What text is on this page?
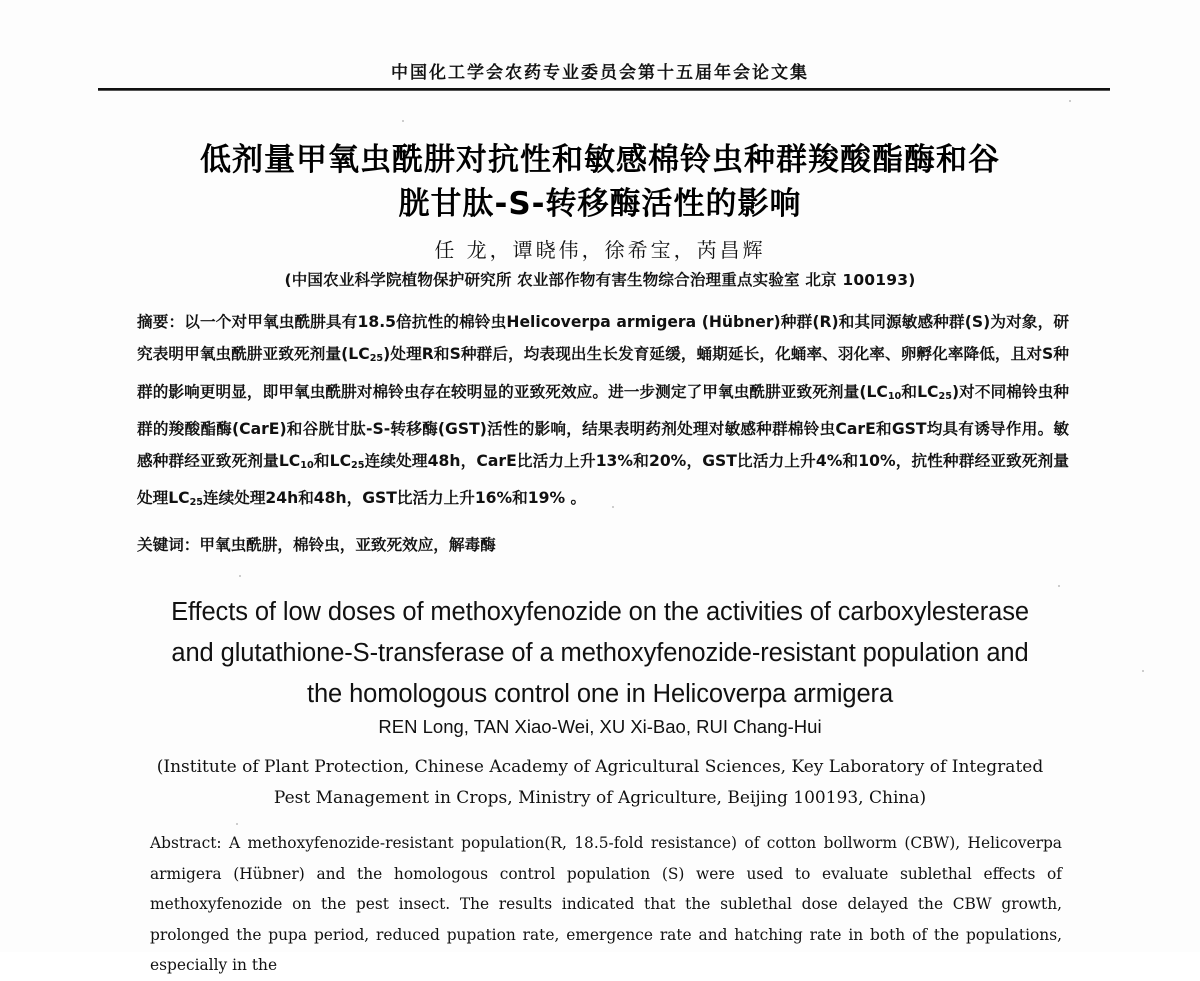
中国化工学会农药专业委员会第十五届年会论文集
低剂量甲氧虫酰肼对抗性和敏感棉铃虫种群羧酸酯酶和谷
胱甘肽-S-转移酶活性的影响
任 龙，谭晓伟，徐希宝，芮昌辉
(中国农业科学院植物保护研究所 农业部作物有害生物综合治理重点实验室 北京 100193)

摘要：以一个对甲氧虫酰肼具有18.5倍抗性的棉铃虫Helicoverpa armigera (Hübner)种群(R)和其同源敏感种群(S)为对象，研究表明甲氧虫酰肼亚致死剂量$(LC_{25})$处理R和S种群后，均表现出生长发育延缓，蛹期延长，化蛹率、羽化率、卵孵化率降低，且对S种群的影响更明显，即甲氧虫酰肼对棉铃虫存在较明显的亚致死效应。进一步测定了甲氧虫酰肼亚致死剂量($LC_{10}$和$LC_{25}$)对不同棉铃虫种群的羧酸酯酶(CarE)和谷胱甘肽-S-转移酶(GST)活性的影响，结果表明药剂处理对敏感种群棉铃虫CarE和GST均具有诱导作用。敏感种群经亚致死剂量$LC_{10}$和$LC_{25}$连续处理48h，CarE比活力上升13%和20%，GST比活力上升4%和10%，抗性种群经亚致死剂量处理$LC_{25}$连续处理24h和48h，GST比活力上升16%和19% 。

关键词：甲氧虫酰肼，棉铃虫，亚致死效应，解毒酶
Effects of low doses of methoxyfenozide on the activities of carboxylesterase
and glutathione-S-transferase of a methoxyfenozide-resistant population and
the homologous control one in Helicoverpa armigera
REN Long, TAN Xiao-Wei, XU Xi-Bao, RUI Chang-Hui
(Institute of Plant Protection, Chinese Academy of Agricultural Sciences, Key Laboratory of Integrated
Pest Management in Crops, Ministry of Agriculture, Beijing 100193, China)

Abstract: A methoxyfenozide-resistant population(R, 18.5-fold resistance) of cotton bollworm (CBW), Helicoverpa armigera (Hübner) and the homologous control population (S) were used to evaluate sublethal effects of methoxyfenozide on the pest insect. The results indicated that the sublethal dose delayed the CBW growth, prolonged the pupa period, reduced pupation rate, emergence rate and hatching rate in both of the populations, especially in the
